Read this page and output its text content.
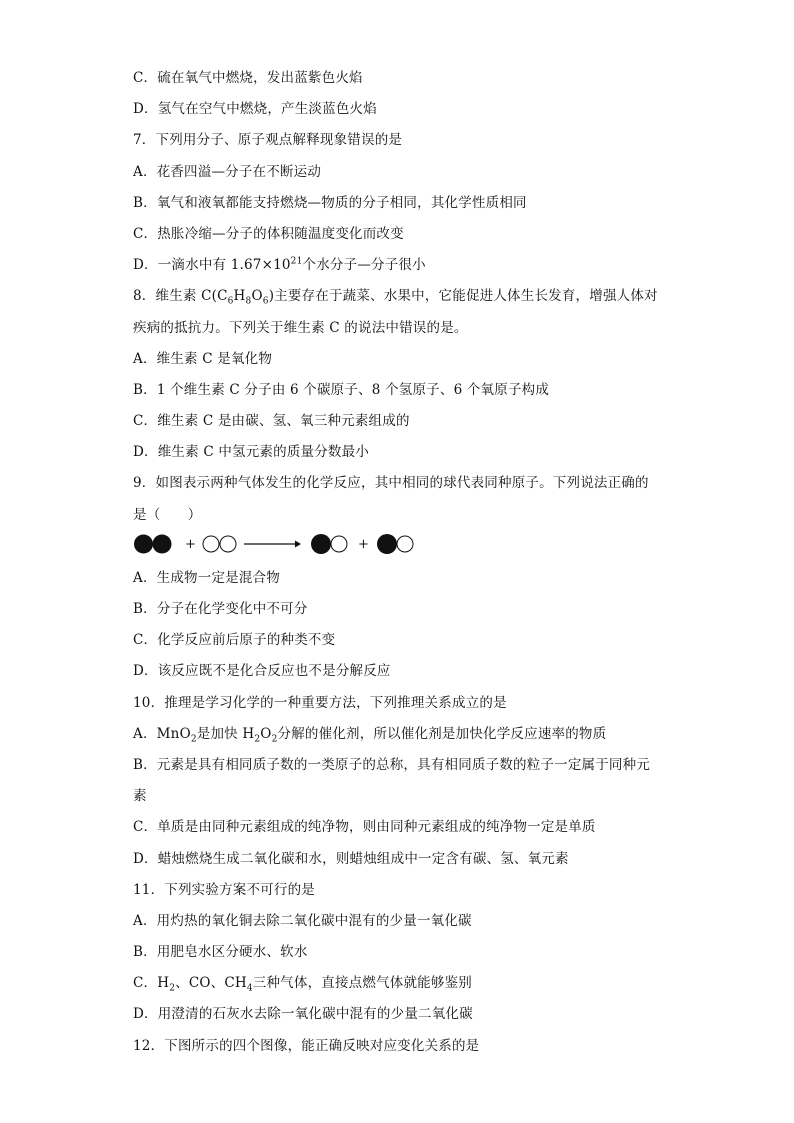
C．硫在氧气中燃烧，发出蓝紫色火焰
D．氢气在空气中燃烧，产生淡蓝色火焰
7．下列用分子、原子观点解释现象错误的是
A．花香四溢—分子在不断运动
B．氧气和液氧都能支持燃烧—物质的分子相同，其化学性质相同
C．热胀冷缩—分子的体积随温度变化而改变
D．一滴水中有 $1.67\times 10^{21}$个水分子—分子很小
8．维生素 $C(C_6H_8O_6)$主要存在于蔬菜、水果中，它能促进人体生长发育，增强人体对
疾病的抵抗力。下列关于维生素 C 的说法中错误的是。
A．维生素 C 是氧化物
B．1 个维生素 C 分子由 6 个碳原子、8 个氢原子、6 个氧原子构成
C．维生素 C 是由碳、氢、氧三种元素组成的
D．维生素 C 中氢元素的质量分数最小
9．如图表示两种气体发生的化学反应，其中相同的球代表同种原子。下列说法正确的
是（　　）
+	+
A．生成物一定是混合物
B．分子在化学变化中不可分
C．化学反应前后原子的种类不变
D．该反应既不是化合反应也不是分解反应
10．推理是学习化学的一种重要方法，下列推理关系成立的是
A．MnO$_2$是加快 $H_2O_2$分解的催化剂，所以催化剂是加快化学反应速率的物质
B．元素是具有相同质子数的一类原子的总称，具有相同质子数的粒子一定属于同种元
素
C．单质是由同种元素组成的纯净物，则由同种元素组成的纯净物一定是单质
D．蜡烛燃烧生成二氧化碳和水，则蜡烛组成中一定含有碳、氢、氧元素
11．下列实验方案不可行的是
A．用灼热的氧化铜去除二氧化碳中混有的少量一氧化碳
B．用肥皂水区分硬水、软水
C．$H_2$、CO、$CH_4$三种气体，直接点燃气体就能够鉴别
D．用澄清的石灰水去除一氧化碳中混有的少量二氧化碳
12．下图所示的四个图像，能正确反映对应变化关系的是
